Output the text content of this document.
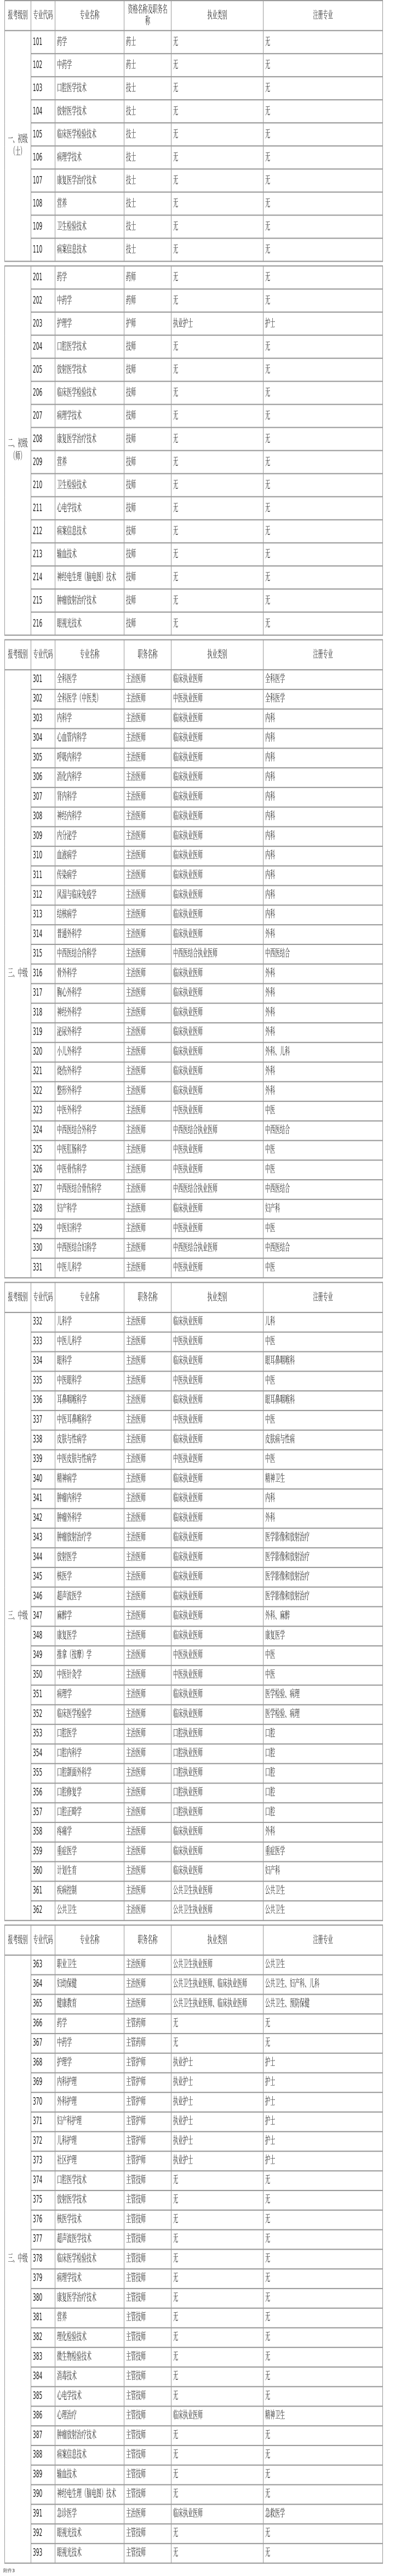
报考级别	专业代码	专业名称	资格名称及职务名称	执业类别	注册专业
一、初级（士）	101	药学	药士	无	无
	102	中药学	药士	无	无
	103	口腔医学技术	技士	无	无
	104	放射医学技术	技士	无	无
	105	临床医学检验技术	技士	无	无
	106	病理学技术	技士	无	无
	107	康复医学治疗技术	技士	无	无
	108	营养	技士	无	无
	109	卫生检验技术	技士	无	无
	110	病案信息技术	技士	无	无
二、初级（师）	201	药学	药师	无	无
	202	中药学	药师	无	无
	203	护理学	护师	执业护士	护士
	204	口腔医学技术	技师	无	无
	205	放射医学技术	技师	无	无
	206	临床医学检验技术	技师	无	无
	207	病理学技术	技师	无	无
	208	康复医学治疗技术	技师	无	无
	209	营养	技师	无	无
	210	卫生检验技术	技师	无	无
	211	心电学技术	技师	无	无
	212	病案信息技术	技师	无	无
	213	输血技术	技师	无	无
	214	神经电生理（脑电图）技术	技师	无	无
	215	肿瘤放射治疗技术	技师	无	无
	216	眼视光技术	技师	无	无
报考级别	专业代码	专业名称	职务名称	执业类别	注册专业
三、中级	301	全科医学	主治医师	临床执业医师	全科医学
	302	全科医学（中医类）	主治医师	中医执业医师	全科医学
	303	内科学	主治医师	临床执业医师	内科
	304	心血管内科学	主治医师	临床执业医师	内科
	305	呼吸内科学	主治医师	临床执业医师	内科
	306	消化内科学	主治医师	临床执业医师	内科
	307	肾内科学	主治医师	临床执业医师	内科
	308	神经内科学	主治医师	临床执业医师	内科
	309	内分泌学	主治医师	临床执业医师	内科
	310	血液病学	主治医师	临床执业医师	内科
	311	传染病学	主治医师	临床执业医师	内科
	312	风湿与临床免疫学	主治医师	临床执业医师	内科
	313	结核病学	主治医师	临床执业医师	内科
	314	普通外科学	主治医师	临床执业医师	外科
	315	中西医结合内科学	主治医师	中西医结合执业医师	中西医结合
	316	骨外科学	主治医师	临床执业医师	外科
	317	胸心外科学	主治医师	临床执业医师	外科
	318	神经外科学	主治医师	临床执业医师	外科
	319	泌尿外科学	主治医师	临床执业医师	外科
	320	小儿外科学	主治医师	临床执业医师	外科、儿科
	321	烧伤外科学	主治医师	临床执业医师	外科
	322	整形外科学	主治医师	临床执业医师	外科
	323	中医外科学	主治医师	中医执业医师	中医
	324	中西医结合外科学	主治医师	中西医结合执业医师	中西医结合
	325	中医肛肠科学	主治医师	中医执业医师	中医
	326	中医骨伤科学	主治医师	中医执业医师	中医
	327	中西医结合骨伤科学	主治医师	中西医结合执业医师	中西医结合
	328	妇产科学	主治医师	临床执业医师	妇产科
	329	中医妇科学	主治医师	中医执业医师	中医
	330	中西医结合妇科学	主治医师	中西医结合执业医师	中西医结合
	331	中医儿科学	主治医师	中医执业医师	中医
报考级别	专业代码	专业名称	职务名称	执业类别	注册专业
三、中级	332	儿科学	主治医师	临床执业医师	儿科
	333	中医儿科学	主治医师	中医执业医师	中医
	334	眼科学	主治医师	临床执业医师	眼耳鼻咽喉科
	335	中医眼科学	主治医师	中医执业医师	中医
	336	耳鼻咽喉科学	主治医师	临床执业医师	眼耳鼻咽喉科
	337	中医耳鼻喉科学	主治医师	中医执业医师	中医
	338	皮肤与性病学	主治医师	临床执业医师	皮肤病与性病
	339	中医皮肤与性病学	主治医师	中医执业医师	中医
	340	精神病学	主治医师	临床执业医师	精神卫生
	341	肿瘤内科学	主治医师	临床执业医师	内科
	342	肿瘤外科学	主治医师	临床执业医师	外科
	343	肿瘤放射治疗学	主治医师	临床执业医师	医学影像和放射治疗
	344	放射医学	主治医师	临床执业医师	医学影像和放射治疗
	345	核医学	主治医师	临床执业医师	医学影像和放射治疗
	346	超声波医学	主治医师	临床执业医师	医学影像和放射治疗
	347	麻醉学	主治医师	临床执业医师	外科、麻醉
	348	康复医学	主治医师	临床执业医师	康复医学
	349	推拿（按摩）学	主治医师	中医执业医师	中医
	350	中医针灸学	主治医师	中医执业医师	中医
	351	病理学	主治医师	临床执业医师	医学检验、病理
	352	临床医学检验学	主治医师	临床执业医师	医学检验、病理
	353	口腔医学	主治医师	口腔执业医师	口腔
	354	口腔内科学	主治医师	口腔执业医师	口腔
	355	口腔颌面外科学	主治医师	口腔执业医师	口腔
	356	口腔修复学	主治医师	口腔执业医师	口腔
	357	口腔正畸学	主治医师	口腔执业医师	口腔
	358	疼痛学	主治医师	临床执业医师	外科
	359	重症医学	主治医师	临床执业医师	重症医学
	360	计划生育	主治医师	临床执业医师	妇产科
	361	疾病控制	主治医师	公共卫生执业医师	公共卫生
	362	公共卫生	主治医师	公共卫生执业医师	公共卫生
报考级别	专业代码	专业名称	职务名称	执业类别	注册专业
三、中级	363	职业卫生	主治医师	公共卫生执业医师	公共卫生
	364	妇幼保健	主治医师	公共卫生执业医师、临床执业医师	公共卫生、妇产科、儿科
	365	健康教育	主治医师	公共卫生执业医师、临床执业医师	公共卫生、预防保健
	366	药学	主管药师	无	无
	367	中药学	主管药师	无	无
	368	护理学	主管护师	执业护士	护士
	369	内科护理	主管护师	执业护士	护士
	370	外科护理	主管护师	执业护士	护士
	371	妇产科护理	主管护师	执业护士	护士
	372	儿科护理	主管护师	执业护士	护士
	373	社区护理	主管护师	执业护士	护士
	374	口腔医学技术	主管技师	无	无
	375	放射医学技术	主管技师	无	无
	376	核医学技术	主管技师	无	无
	377	超声波医学技术	主管技师	无	无
	378	临床医学检验技术	主管技师	无	无
	379	病理学技术	主管技师	无	无
	380	康复医学治疗技术	主管技师	无	无
	381	营养	主管技师	无	无
	382	理化检验技术	主管技师	无	无
	383	微生物检验技术	主管技师	无	无
	384	消毒技术	主管技师	无	无
	385	心电学技术	主管技师	无	无
	386	心理治疗	主管技师	临床执业医师	精神卫生
	387	肿瘤放射治疗技术	主管技师	无	无
	388	病案信息技术	主管技师	无	无
	389	输血技术	主管技师	无	无
	390	神经电生理（脑电图）技术	主管技师	无	无
	391	急诊医学	主治医师	临床执业医师	急救医学
	392	眼视光技术	主管技师	无	无
	393	眼视光技术	主管技师	无	无
附件3
